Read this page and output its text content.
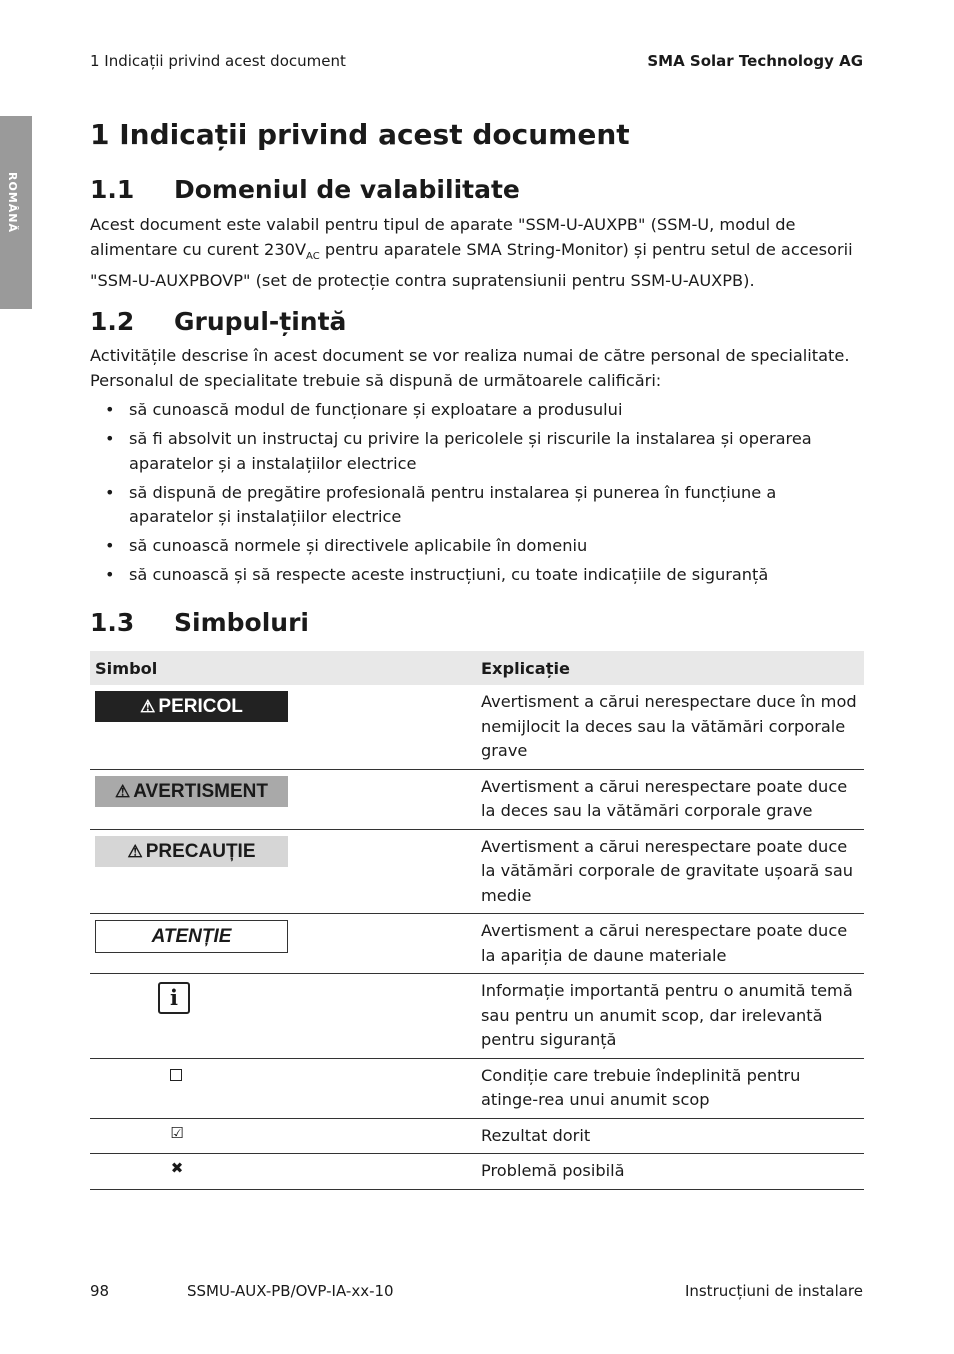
1 Indicații privind acest document	SMA Solar Technology AG
ROMÂNĂ
1 Indicații privind acest document
1.1 Domeniul de valabilitate

Acest document este valabil pentru tipul de aparate "SSM-U-AUXPB" (SSM-U, modul de alimentare cu curent $230V_{AC}$ pentru aparatele SMA String-Monitor) și pentru setul de accesorii "SSM-U-AUXPBOVP" (set de protecție contra supratensiunii pentru SSM-U-AUXPB).

1.2 Grupul-țintă

Activitățile descrise în acest document se vor realiza numai de către personal de specialitate. Personalul de specialitate trebuie să dispună de următoarele calificări:

• să cunoască modul de funcționare și exploatare a produsului
• să fi absolvit un instructaj cu privire la pericolele și riscurile la instalarea și operarea aparatelor și a instalațiilor electrice
• să dispună de pregătire profesională pentru instalarea și punerea în funcțiune a aparatelor și instalațiilor electrice
• să cunoască normele și directivele aplicabile în domeniu
• să cunoască și să respecte aceste instrucțiuni, cu toate indicațiile de siguranță
1.3 Simboluri
Simbol	Explicație
⚠ PERICOL	Avertisment a cărui nerespectare duce în mod nemijlocit la deces sau la vătămări corporale grave
⚠ AVERTISMENT	Avertisment a cărui nerespectare poate duce la deces sau la vătămări corporale grave
⚠ PRECAUȚIE	Avertisment a cărui nerespectare poate duce la vătămări corporale de gravitate ușoară sau medie
ATENȚIE	Avertisment a cărui nerespectare poate duce la apariția de daune materiale
i	Informație importantă pentru o anumită temă sau pentru un anumit scop, dar irelevantă pentru siguranță
	Condiție care trebuie îndeplinită pentru atinge-rea unui anumit scop
☑	Rezultat dorit
✖	Problemă posibilă
98	SSMU-AUX-PB/OVP-IA-xx-10	Instrucțiuni de instalare
